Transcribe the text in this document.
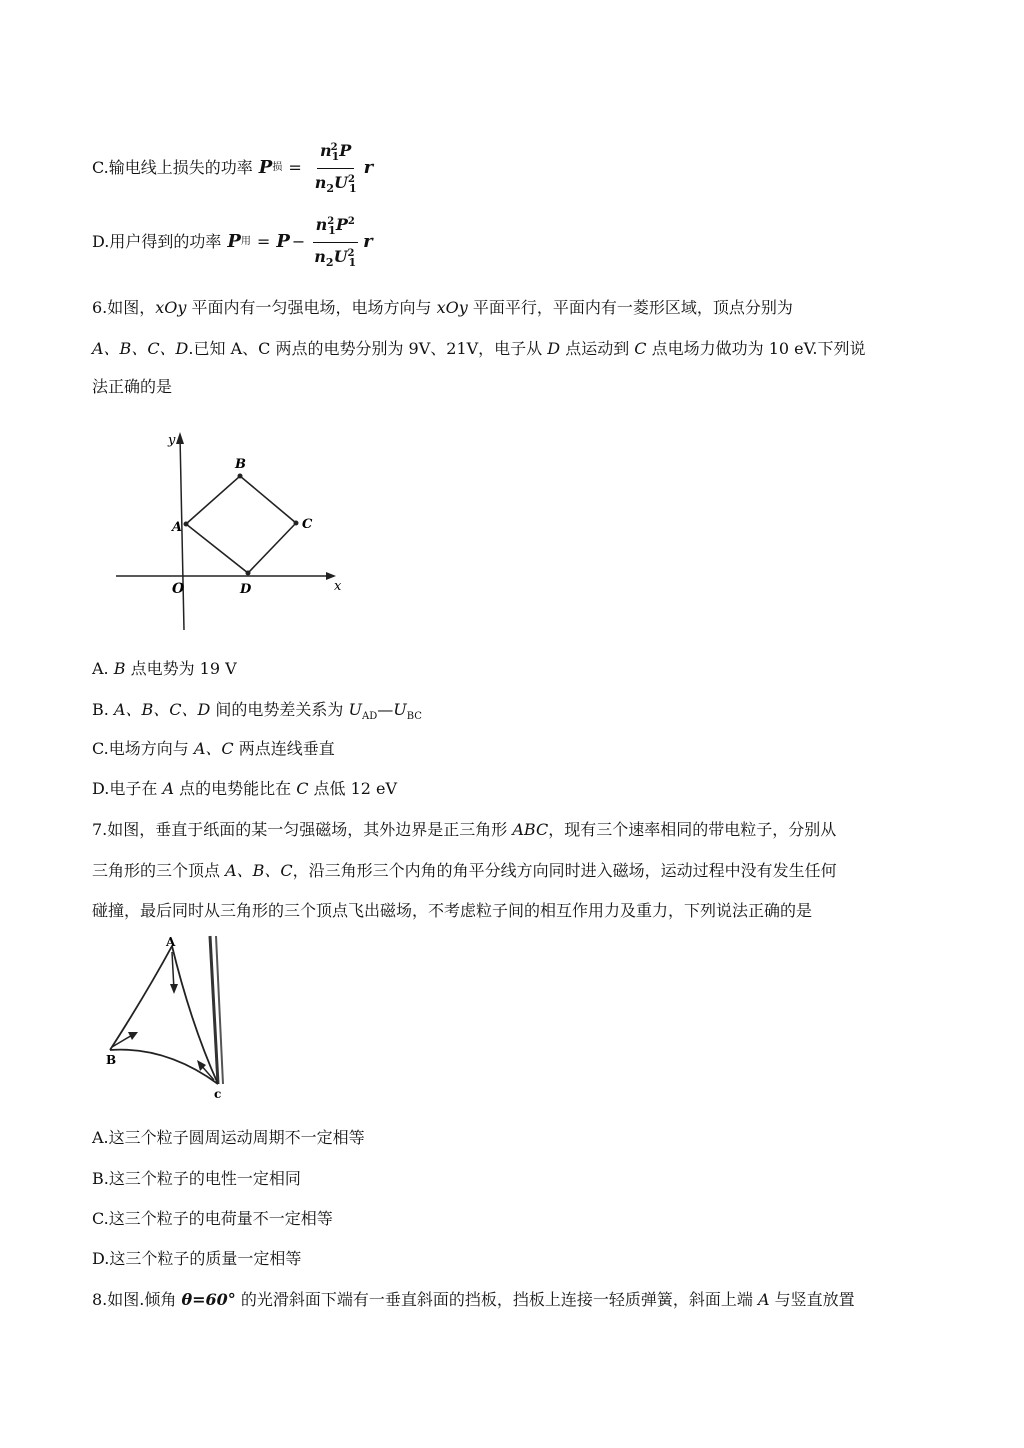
C.输电线上损失的功率 P 损 = $\frac{n^2_1P}{n_2U^2_1}$ r
D.用户得到的功率 P 用 = $P - \frac{n^2_1P^2}{n_2U^2_1}$ r
6.如图，xOy 平面内有一匀强电场，电场方向与 xOy 平面平行，平面内有一菱形区域，顶点分别为
A、B、C、D.已知 A、C 两点的电势分别为 9V、21V，电子从 D 点运动到 C 点电场力做功为 10 eV.下列说
法正确的是
y
x
O
A
B
C
D
A. B 点电势为 19 V
B. A、B、C、D 间的电势差关系为 $U_{AD}—U_{BC}$
C.电场方向与 A、C 两点连线垂直
D.电子在 A 点的电势能比在 C 点低 12 eV
7.如图，垂直于纸面的某一匀强磁场，其外边界是正三角形 ABC，现有三个速率相同的带电粒子，分别从
三角形的三个顶点 A、B、C，沿三角形三个内角的角平分线方向同时进入磁场，运动过程中没有发生任何
碰撞，最后同时从三角形的三个顶点飞出磁场，不考虑粒子间的相互作用力及重力，下列说法正确的是
A
B
c
A.这三个粒子圆周运动周期不一定相等
B.这三个粒子的电性一定相同
C.这三个粒子的电荷量不一定相等
D.这三个粒子的质量一定相等
8.如图.倾角 θ=60° 的光滑斜面下端有一垂直斜面的挡板，挡板上连接一轻质弹簧，斜面上端 A 与竖直放置
